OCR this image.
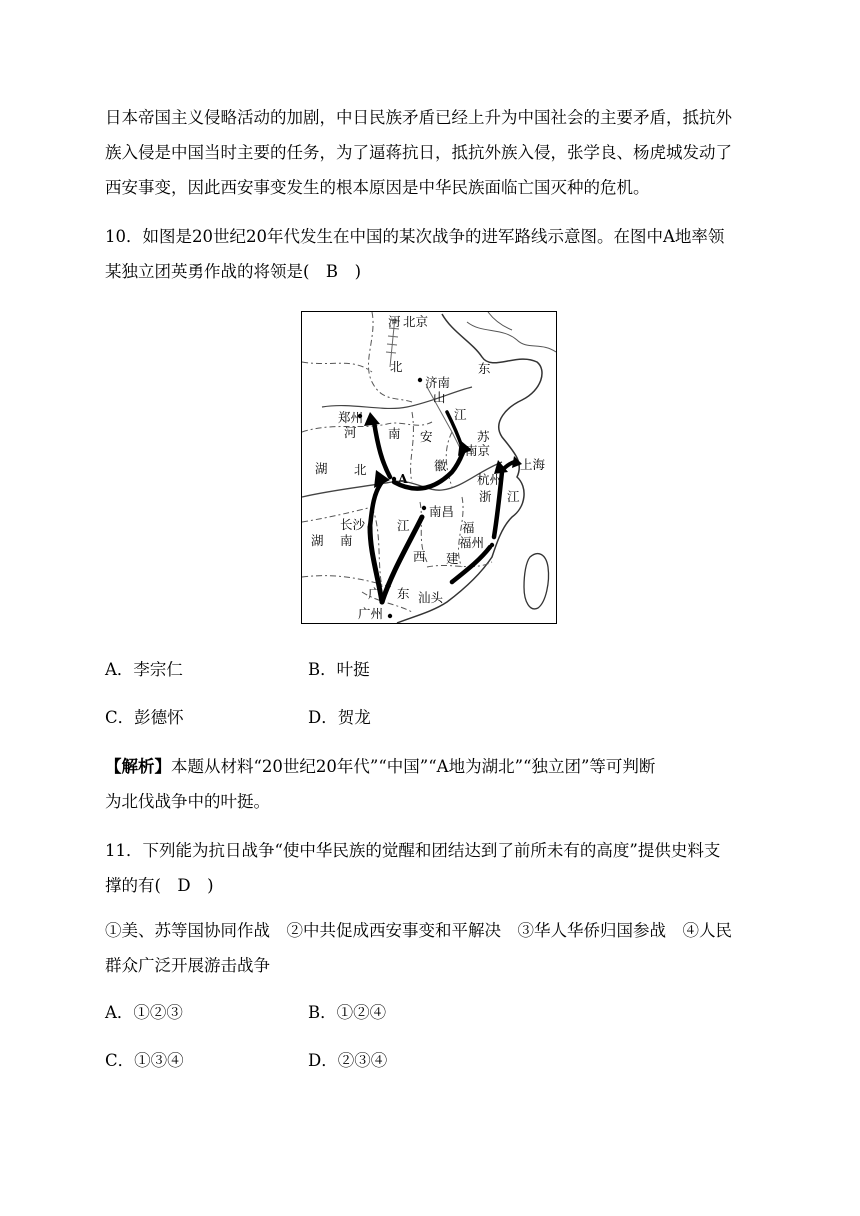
日本帝国主义侵略活动的加剧，中日民族矛盾已经上升为中国社会的主要矛盾，抵抗外
族入侵是中国当时主要的任务，为了逼蒋抗日，抵抗外族入侵，张学良、杨虎城发动了
西安事变，因此西安事变发生的根本原因是中华民族面临亡国灭种的危机。
10．如图是20世纪20年代发生在中国的某次战争的进军路线示意图。在图中A地率领
某独立团英勇作战的将领是(　B　)
河 北京
北	东
济南
山
郑州	江
河	南 安	苏
南京
徽	上海
湖 北
A	杭州
浙 江
长沙
南昌
江	福
湖 南	福州
西 建
广 东 汕头
广州
A．李宗仁	B．叶挺
C．彭德怀	D．贺龙
【解析】本题从材料“20世纪20年代”“中国”“A地为湖北”“独立团”等可判断
为北伐战争中的叶挺。
11．下列能为抗日战争“使中华民族的觉醒和团结达到了前所未有的高度”提供史料支
撑的有(　D　)
①美、苏等国协同作战　②中共促成西安事变和平解决　③华人华侨归国参战　④人民
群众广泛开展游击战争
A．①②③	B．①②④
C．①③④	D．②③④
